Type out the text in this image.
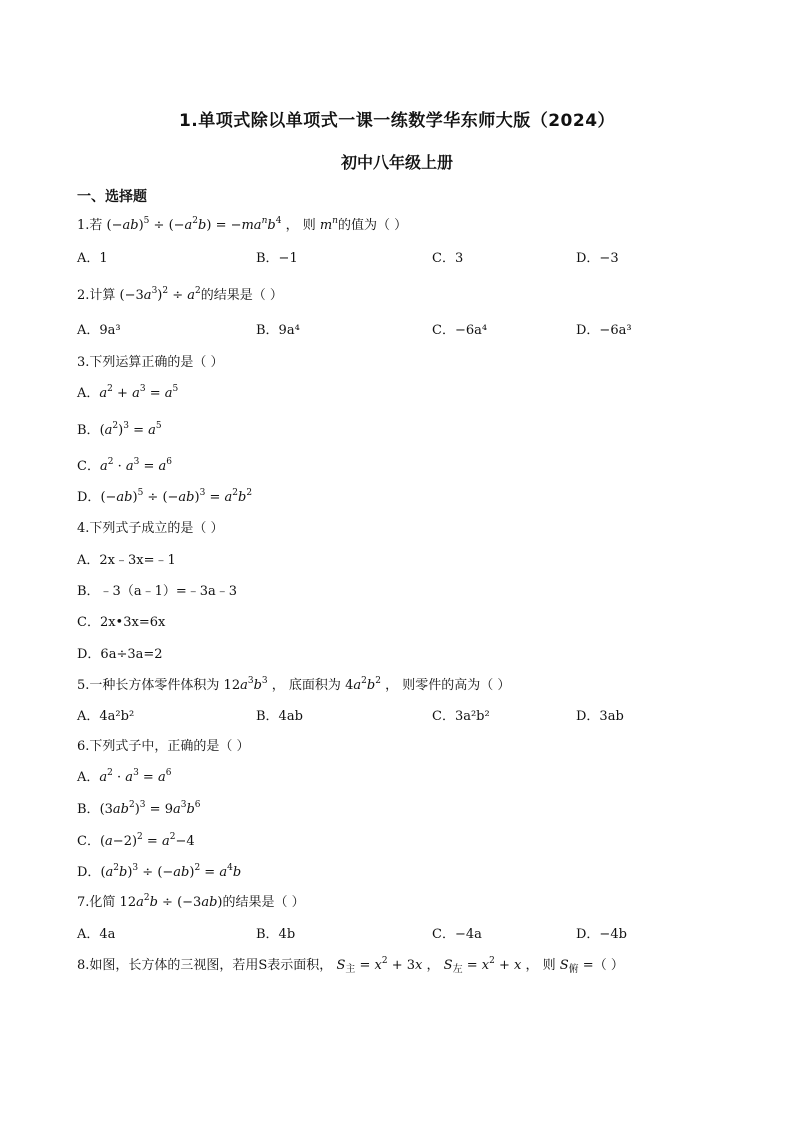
1.单项式除以单项式一课一练数学华东师大版（2024）
初中八年级上册
一、选择题
1.若 $(-ab)^5 \div (-a^2b) = -ma^nb^4$ ， 则 $m^n$的值为（ ）
A．1	B．−1	C．3	D．−3
2.计算 $(-3a^3)^2 \div a^2$的结果是（ ）
A．9a³	B．9a⁴	C．−6a⁴	D．−6a³
3.下列运算正确的是（ ）
A．$a^2 + a^3 = a^5$
B．$(a^2)^3 = a^5$
C．$a^2 \cdot a^3 = a^6$
D．$(-ab)^5 \div (-ab)^3 = a^2b^2$
4.下列式子成立的是（ ）
A．2x﹣3x=﹣1
B．﹣3（a﹣1）=﹣3a﹣3
C．2x•3x=6x
D．6a÷3a=2
5.一种长方体零件体积为 $12a^3b^3$ ， 底面积为 $4a^2b^2$ ， 则零件的高为（ ）
A．4a²b²	B．4ab	C．3a²b²	D．3ab
6.下列式子中，正确的是（ ）
A．$a^2 \cdot a^3 = a^6$
B．$(3ab^2)^3 = 9a^3b^6$
C．$(a-2)^2 = a^2-4$
D．$(a^2b)^3 \div (-ab)^2 = a^4b$
7.化简 $12a^2b \div (-3ab)$的结果是（ ）
A．4a	B．4b	C．−4a	D．−4b
8.如图，长方体的三视图，若用S表示面积， $S_主 = x^2 + 3x$ ， $S_左 = x^2 + x$ ， 则 $S_俯$ =（ ）
